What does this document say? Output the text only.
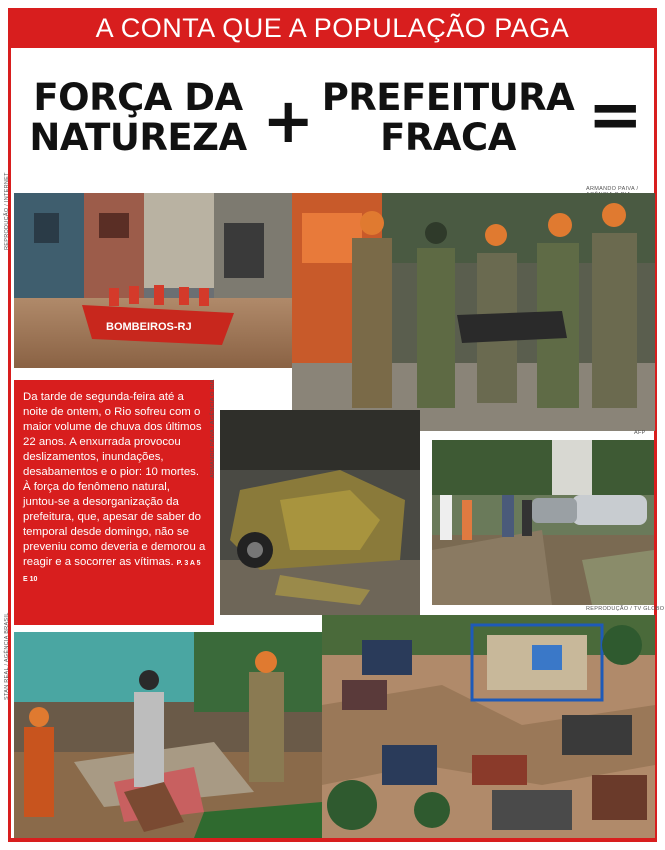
A CONTA QUE A POPULAÇÃO PAGA
FORÇA DA
NATUREZA + PREFEITURA
FRACA	=
ARMANDO PAIVA /
REPRODUÇÃO / INTERNET
BOMBEIROS-RJ
Da tarde de segunda-feira até a noite de ontem, o Rio sofreu com o maior volume de chuva dos últimos 22 anos. A enxurrada provocou deslizamentos, inundações, desabamentos e o pior: 10 mortes. À força do fenômeno natural, juntou-se a desorganização da prefeitura, que, apesar de saber do temporal desde domingo, não se preveniu como deveria e demorou a reagir e a socorrer as vítimas. P. 3 A 5 E 10
ARMANDO PAIVA / AGÊNCIA O DIA	AFP
REPRODUÇÃO / TV GLOBO
STAN REAL / AGÊNCIA BRASIL
